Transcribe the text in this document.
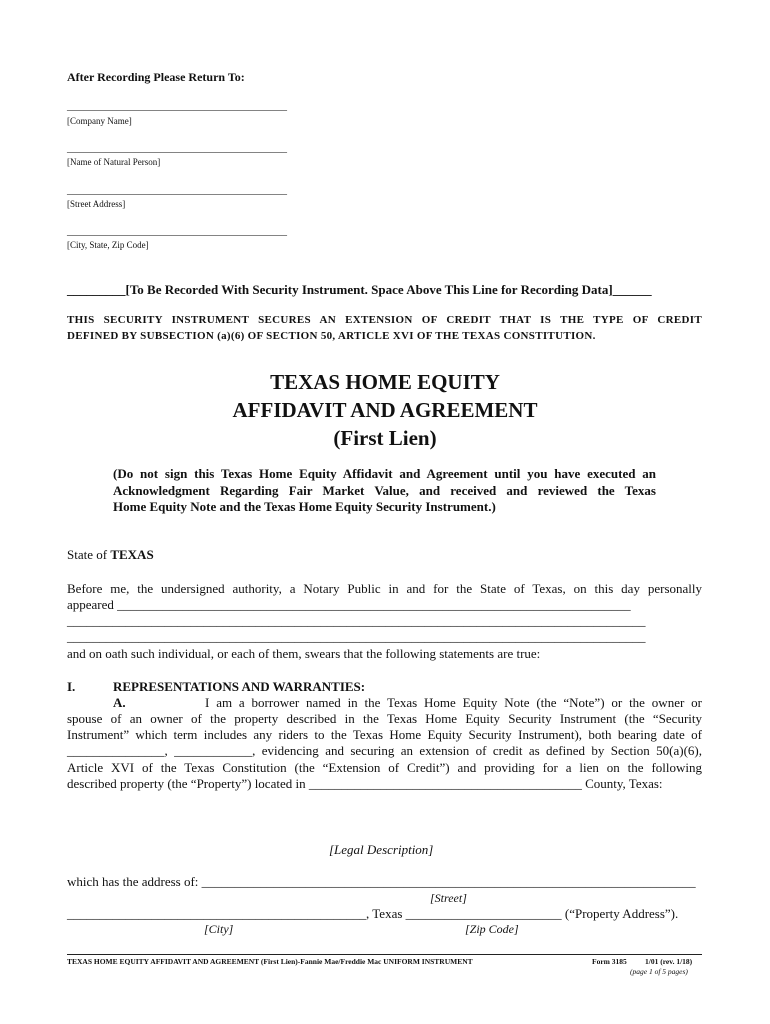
After Recording Please Return To:
________________________________________
[Company Name]
________________________________________
[Name of Natural Person]
________________________________________
[Street Address]
________________________________________
[City, State, Zip Code]
_________[To Be Recorded With Security Instrument. Space Above This Line for Recording Data]______
THIS SECURITY INSTRUMENT SECURES AN EXTENSION OF CREDIT THAT IS THE TYPE OF CREDIT
DEFINED BY SUBSECTION (a)(6) OF SECTION 50, ARTICLE XVI OF THE TEXAS CONSTITUTION.
TEXAS HOME EQUITY
AFFIDAVIT AND AGREEMENT
(First Lien)
(Do not sign this Texas Home Equity Affidavit and Agreement until you have executed an
Acknowledgment Regarding Fair Market Value, and received and reviewed the Texas
Home Equity Note and the Texas Home Equity Security Instrument.)
State of TEXAS
Before me, the undersigned authority, a Notary Public in and for the State of Texas, on this day personally
appeared _______________________________________________________________________________
_________________________________________________________________________________________
_________________________________________________________________________________________
and on oath such individual, or each of them, swears that the following statements are true:
I.	REPRESENTATIONS AND WARRANTIES:
A.	I am a borrower named in the Texas Home Equity Note (the “Note”) or the owner or
spouse of an owner of the property described in the Texas Home Equity Security Instrument (the “Security
Instrument” which term includes any riders to the Texas Home Equity Security Instrument), both bearing date of
_______________, ____________, evidencing and securing an extension of credit as defined by Section 50(a)(6),
Article XVI of the Texas Constitution (the “Extension of Credit”) and providing for a lien on the following
described property (the “Property”) located in __________________________________________ County, Texas:
[Legal Description]
which has the address of: ____________________________________________________________________________
[Street]
______________________________________________, Texas ________________________ (“Property Address”).
[City]	[Zip Code]
TEXAS HOME EQUITY AFFIDAVIT AND AGREEMENT (First Lien)-Fannie Mae/Freddie Mac UNIFORM INSTRUMENT	Form 3185 1/01 (rev. 1/18)
(page 1 of 5 pages)
